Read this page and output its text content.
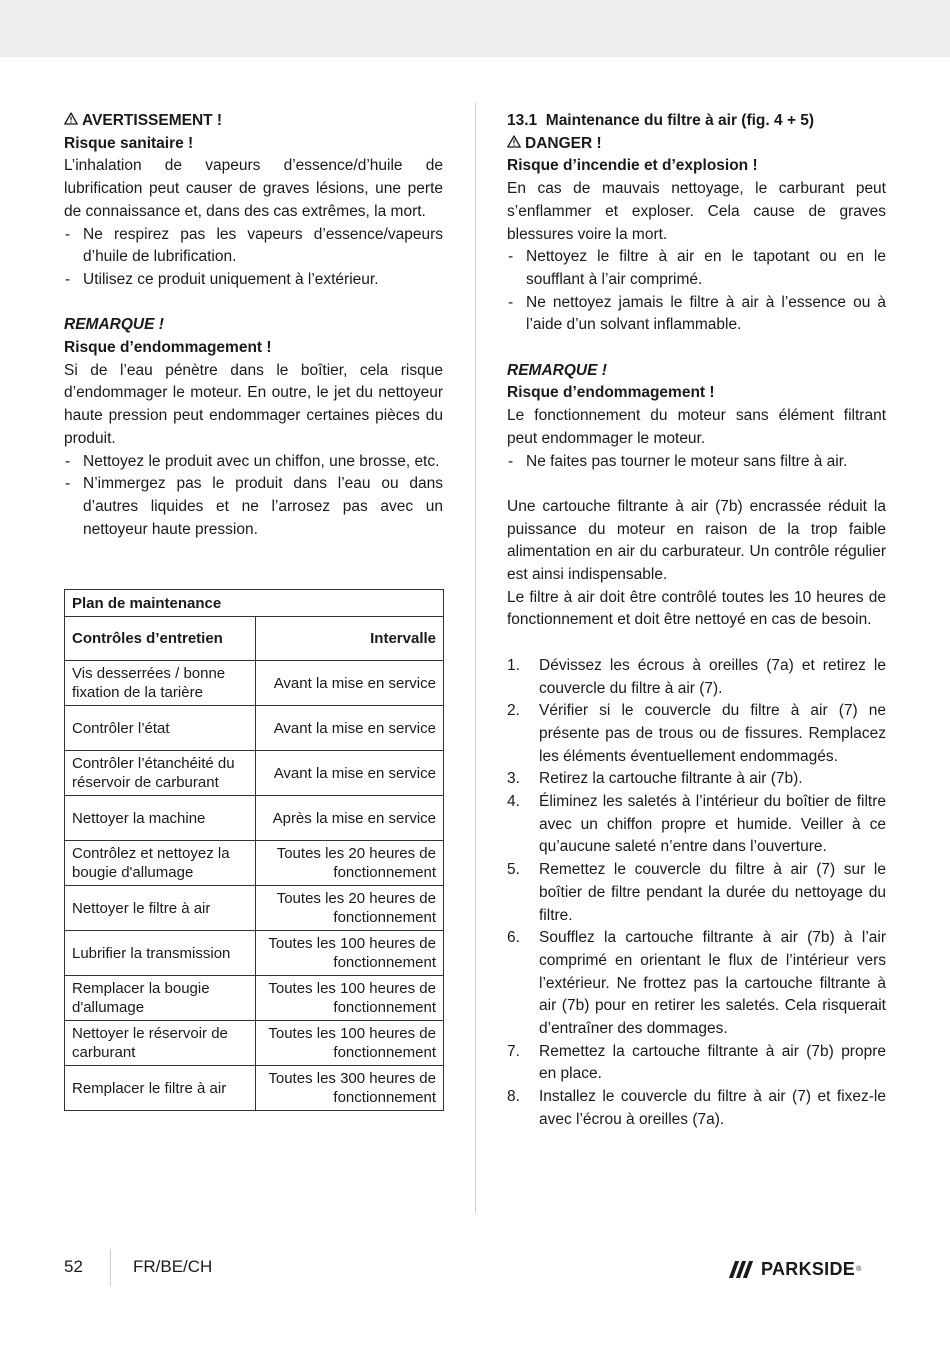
AVERTISSEMENT !

Risque sanitaire !

L’inhalation de vapeurs d’essence/d’huile de lubrification peut causer de graves lésions, une perte de connaissance et, dans des cas extrêmes, la mort.

- Ne respirez pas les vapeurs d’essence/vapeurs d’huile de lubrification.
- Utilisez ce produit uniquement à l’extérieur.

REMARQUE !

Risque d’endommagement !

Si de l’eau pénètre dans le boîtier, cela risque d’endommager le moteur. En outre, le jet du nettoyeur haute pression peut endommager certaines pièces du produit.

- Nettoyez le produit avec un chiffon, une brosse, etc.
- N’immergez pas le produit dans l’eau ou dans d’autres liquides et ne l’arrosez pas avec un nettoyeur haute pression.
Plan de maintenance	
Contrôles d’entretien	Intervalle
Vis desserrées / bonne fixation de la tarière	Avant la mise en service
Contrôler l’état	Avant la mise en service
Contrôler l’étanchéité du réservoir de carburant	Avant la mise en service
Nettoyer la machine	Après la mise en service
Contrôlez et nettoyez la bougie d'allumage	Toutes les 20 heures de fonctionnement
Nettoyer le filtre à air	Toutes les 20 heures de fonctionnement
Lubrifier la transmission	Toutes les 100 heures de fonctionnement
Remplacer la bougie d'allumage	Toutes les 100 heures de fonctionnement
Nettoyer le réservoir de carburant	Toutes les 100 heures de fonctionnement
Remplacer le filtre à air	Toutes les 300 heures de fonctionnement

13.1  Maintenance du filtre à air (fig. 4 + 5)

DANGER !

Risque d’incendie et d’explosion !

En cas de mauvais nettoyage, le carburant peut s’enflammer et exploser. Cela cause de graves blessures voire la mort.

- Nettoyez le filtre à air en le tapotant ou en le soufflant à l’air comprimé.
- Ne nettoyez jamais le filtre à air à l’essence ou à l’aide d’un solvant inflammable.

REMARQUE !

Risque d’endommagement !

Le fonctionnement du moteur sans élément filtrant peut endommager le moteur.

- Ne faites pas tourner le moteur sans filtre à air.

Une cartouche filtrante à air (7b) encrassée réduit la puissance du moteur en raison de la trop faible alimentation en air du carburateur. Un contrôle régulier est ainsi indispensable.

Le filtre à air doit être contrôlé toutes les 10 heures de fonctionnement et doit être nettoyé en cas de besoin.

1. Dévissez les écrous à oreilles (7a) et retirez le couvercle du filtre à air (7).
2. Vérifier si le couvercle du filtre à air (7) ne présente pas de trous ou de fissures. Remplacez les éléments éventuellement endommagés.
3. Retirez la cartouche filtrante à air (7b).
4. Éliminez les saletés à l’intérieur du boîtier de filtre avec un chiffon propre et humide. Veiller à ce qu’aucune saleté n’entre dans l’ouverture.
5. Remettez le couvercle du filtre à air (7) sur le boîtier de filtre pendant la durée du nettoyage du filtre.
6. Soufflez la cartouche filtrante à air (7b) à l’air comprimé en orientant le flux de l’intérieur vers l’extérieur. Ne frottez pas la cartouche filtrante à air (7b) pour en retirer les saletés. Cela risquerait d’entraîner des dommages.
7. Remettez la cartouche filtrante à air (7b) propre en place.
8. Installez le couvercle du filtre à air (7) et fixez-le avec l’écrou à oreilles (7a).
52	FR/BE/CH	PARKSIDE ®
